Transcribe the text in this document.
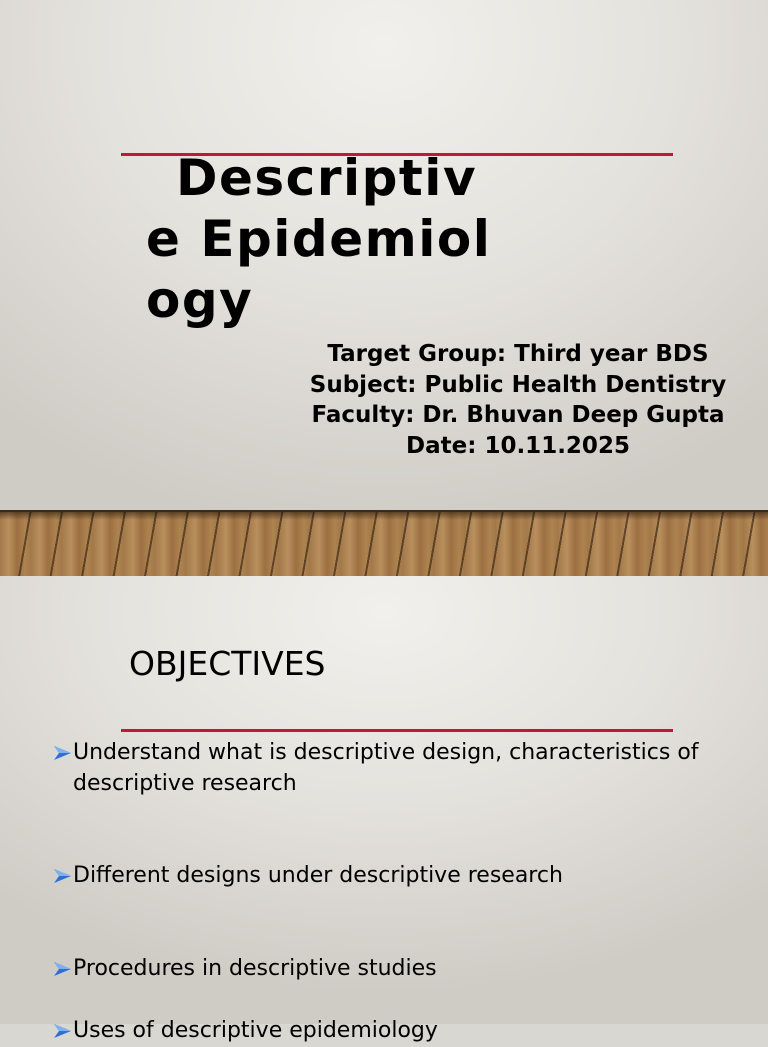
Descriptive Epidemiology
Target Group: Third year BDS
Subject: Public Health Dentistry
Faculty: Dr. Bhuvan Deep Gupta
Date: 10.11.2025
OBJECTIVES
Understand what is descriptive design, characteristics of descriptive research
Different designs under descriptive research
Procedures in descriptive studies
Uses of descriptive epidemiology
